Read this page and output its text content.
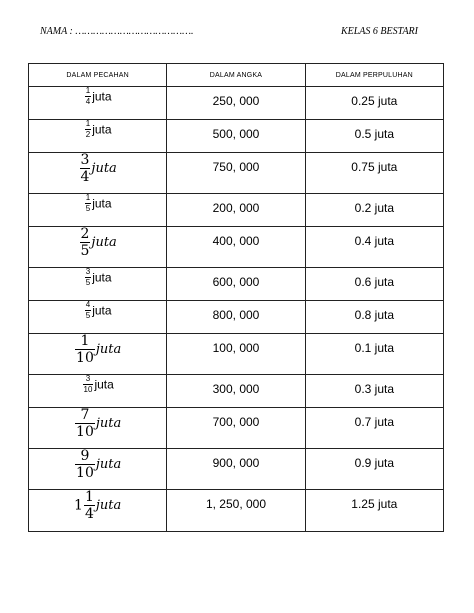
NAMA : ………………………………….	KELAS 6 BESTARI
DALAM PECAHAN	DALAM ANGKA	DALAM PERPULUHAN

$\frac{1}{4}$ juta	250, 000	0.25 juta

$\frac{1}{2}$ juta	500, 000	0.5 juta

$\frac{3}{4}$ juta	750, 000	0.75 juta

$\frac{1}{5}$ juta	200, 000	0.2 juta

$\frac{2}{5}$ juta	400, 000	0.4 juta

$\frac{3}{5}$ juta	600, 000	0.6 juta

$\frac{4}{5}$ juta	800, 000	0.8 juta

$\frac{1}{10}$ juta	100, 000	0.1 juta

$\frac{3}{10}$ juta	300, 000	0.3 juta

$\frac{7}{10}$ juta	700, 000	0.7 juta

$\frac{9}{10}$ juta	900, 000	0.9 juta
$1 \frac{1}{4}$ juta	1, 250, 000	1.25 juta
